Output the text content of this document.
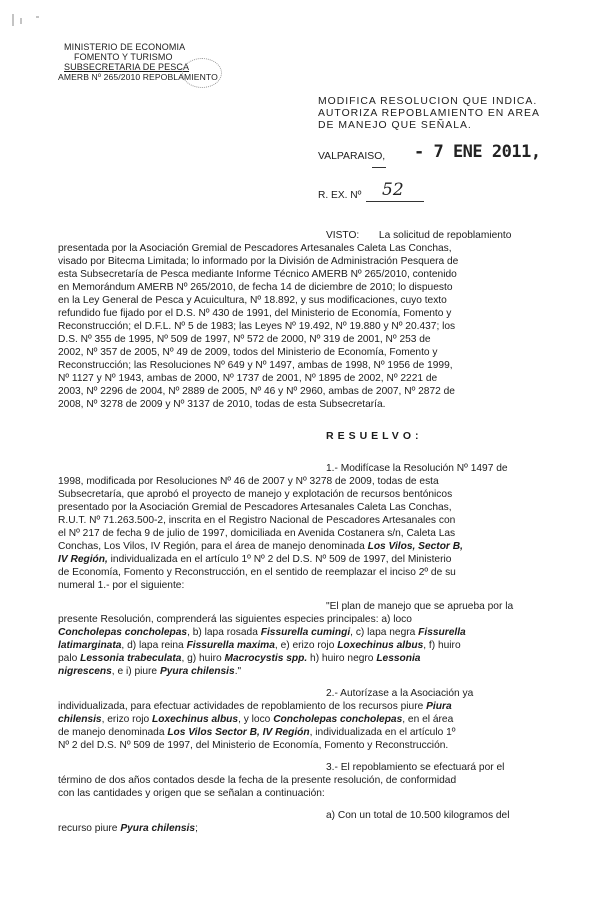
MINISTERIO DE ECONOMIA
FOMENTO Y TURISMO
SUBSECRETARIA DE PESCA
AMERB Nº 265/2010 REPOBLAMIENTO
MODIFICA RESOLUCION QUE INDICA.
AUTORIZA REPOBLAMIENTO EN AREA
DE MANEJO QUE SEÑALA.
VALPARAISO, - 7 ENE 2011,
R. EX. Nº 52
VISTO: La solicitud de repoblamiento
presentada por la Asociación Gremial de Pescadores Artesanales Caleta Las Conchas,
visado por Bitecma Limitada; lo informado por la División de Administración Pesquera de
esta Subsecretaría de Pesca mediante Informe Técnico AMERB Nº 265/2010, contenido
en Memorándum AMERB Nº 265/2010, de fecha 14 de diciembre de 2010; lo dispuesto
en la Ley General de Pesca y Acuicultura, Nº 18.892, y sus modificaciones, cuyo texto
refundido fue fijado por el D.S. Nº 430 de 1991, del Ministerio de Economía, Fomento y
Reconstrucción; el D.F.L. Nº 5 de 1983; las Leyes Nº 19.492, Nº 19.880 y Nº 20.437; los
D.S. Nº 355 de 1995, Nº 509 de 1997, Nº 572 de 2000, Nº 319 de 2001, Nº 253 de
2002, Nº 357 de 2005, Nº 49 de 2009, todos del Ministerio de Economía, Fomento y
Reconstrucción; las Resoluciones Nº 649 y Nº 1497, ambas de 1998, Nº 1956 de 1999,
Nº 1127 y Nº 1943, ambas de 2000, Nº 1737 de 2001, Nº 1895 de 2002, Nº 2221 de
2003, Nº 2296 de 2004, Nº 2889 de 2005, Nº 46 y Nº 2960, ambas de 2007, Nº 2872 de
2008, Nº 3278 de 2009 y Nº 3137 de 2010, todas de esta Subsecretaría.
RESUELVO:
1.- Modifícase la Resolución Nº 1497 de
1998, modificada por Resoluciones Nº 46 de 2007 y Nº 3278 de 2009, todas de esta
Subsecretaría, que aprobó el proyecto de manejo y explotación de recursos bentónicos
presentado por la Asociación Gremial de Pescadores Artesanales Caleta Las Conchas,
R.U.T. Nº 71.263.500-2, inscrita en el Registro Nacional de Pescadores Artesanales con
el Nº 217 de fecha 9 de julio de 1997, domiciliada en Avenida Costanera s/n, Caleta Las
Conchas, Los Vilos, IV Región, para el área de manejo denominada Los Vilos, Sector B,
IV Región, individualizada en el artículo 1º Nº 2 del D.S. Nº 509 de 1997, del Ministerio
de Economía, Fomento y Reconstrucción, en el sentido de reemplazar el inciso 2º de su
numeral 1.- por el siguiente:
"El plan de manejo que se aprueba por la
presente Resolución, comprenderá las siguientes especies principales: a) loco
Concholepas concholepas, b) lapa rosada Fissurella cumingi, c) lapa negra Fissurella
latimarginata, d) lapa reina Fissurella maxima, e) erizo rojo Loxechinus albus, f) huiro
palo Lessonia trabeculata, g) huiro Macrocystis spp. h) huiro negro Lessonia
nigrescens, e i) piure Pyura chilensis."
2.- Autorízase a la Asociación ya
individualizada, para efectuar actividades de repoblamiento de los recursos piure Piura
chilensis, erizo rojo Loxechinus albus, y loco Concholepas concholepas, en el área
de manejo denominada Los Vilos Sector B, IV Región, individualizada en el artículo 1º
Nº 2 del D.S. Nº 509 de 1997, del Ministerio de Economía, Fomento y Reconstrucción.
3.- El repoblamiento se efectuará por el
término de dos años contados desde la fecha de la presente resolución, de conformidad
con las cantidades y origen que se señalan a continuación:
a) Con un total de 10.500 kilogramos del
recurso piure Pyura chilensis;
